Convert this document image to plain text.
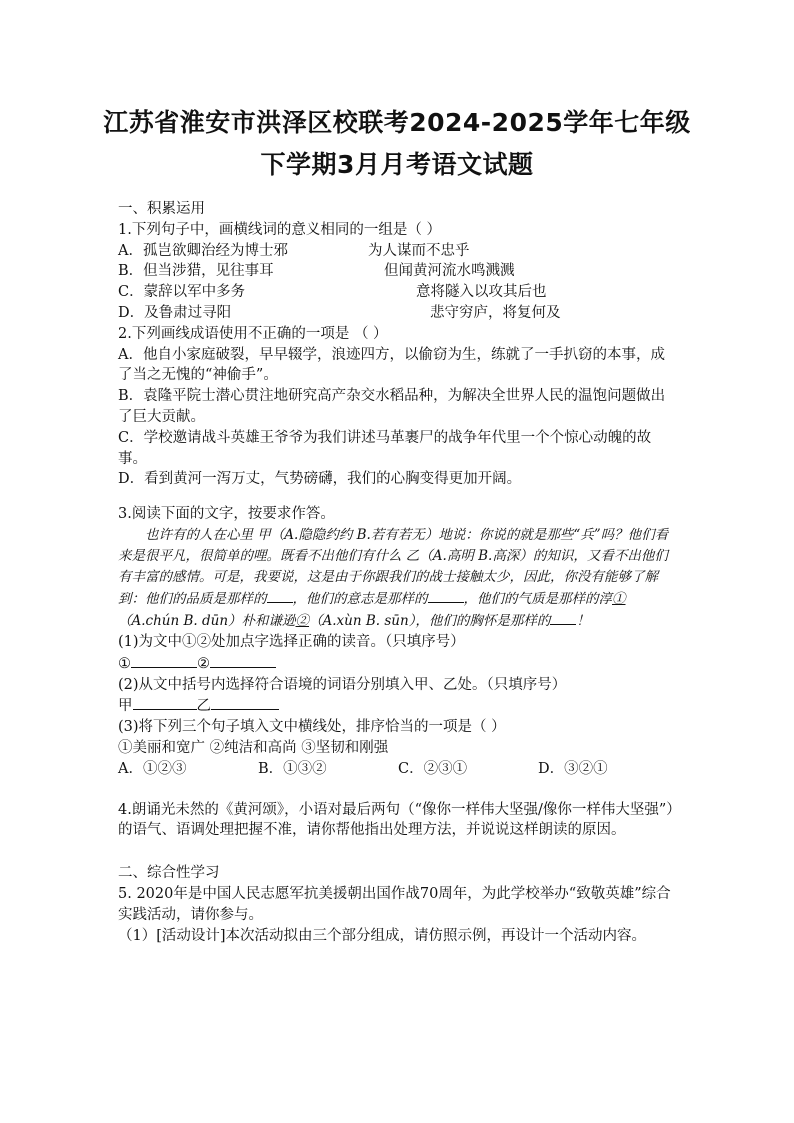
江苏省淮安市洪泽区校联考2024-2025学年七年级
下学期3月月考语文试题
一、积累运用
1.下列句子中，画横线词的意义相同的一组是（ ）
A．孤岂欲卿治经为博士邪	为人谋而不忠乎
B．但当涉猎，见往事耳	但闻黄河流水鸣溅溅
C．蒙辞以军中多务	意将隧入以攻其后也
D．及鲁肃过寻阳	悲守穷庐，将复何及
2.下列画线成语使用不正确的一项是 （ ）
A．他自小家庭破裂，早早辍学，浪迹四方，以偷窃为生，练就了一手扒窃的本事，成了当之无愧的“神偷手”。
B．袁隆平院士潜心贯注地研究高产杂交水稻品种，为解决全世界人民的温饱问题做出了巨大贡献。
C．学校邀请战斗英雄王爷爷为我们讲述马革裹尸的战争年代里一个个惊心动魄的故事。
D．看到黄河一泻万丈，气势磅礴，我们的心胸变得更加开阔。
3.阅读下面的文字，按要求作答。
也许有的人在心里 甲（A.隐隐约约 B.若有若无）地说：你说的就是那些“兵”吗？他们看来是很平凡，很简单的哩。既看不出他们有什么 乙（A.高明 B.高深）的知识，又看不出他们有丰富的感情。可是，我要说，这是由于你跟我们的战士接触太少，因此，你没有能够了解到：他们的品质是那样的 ，他们的意志是那样的	，他们的气质是那样的淳①（A.chún B. dūn）朴和谦逊②（A.xùn B. sūn），他们的胸怀是那样的 ！
(1)为文中①②处加点字选择正确的读音。（只填序号）
①	②
(2)从文中括号内选择符合语境的词语分别填入甲、乙处。（只填序号）
甲	乙
(3)将下列三个句子填入文中横线处，排序恰当的一项是（ ）
①美丽和宽广 ②纯洁和高尚 ③坚韧和刚强
A．①②③	B．①③②	C．②③①	D．③②①
4.朗诵光未然的《黄河颂》，小语对最后两句（“像你一样伟大坚强/像你一样伟大坚强”）的语气、语调处理把握不准，请你帮他指出处理方法，并说说这样朗读的原因。
二、综合性学习
5. 2020年是中国人民志愿军抗美援朝出国作战70周年，为此学校举办“致敬英雄”综合实践活动，请你参与。
（1）[活动设计]本次活动拟由三个部分组成，请仿照示例，再设计一个活动内容。
